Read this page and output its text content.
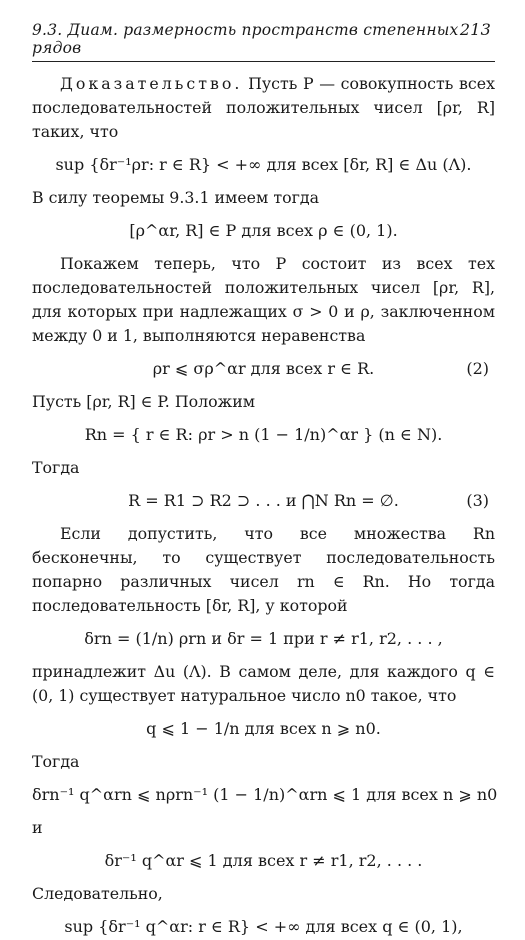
9.3. Диам. размерность пространств степенных рядов
213

Доказательство. Пусть P — совокупность всех последовательностей положительных чисел [ρr, R] таких, что

sup {δr⁻¹ρr: r ∈ R} < +∞ для всех [δr, R] ∈ Δu (Λ).

В силу теоремы 9.3.1 имеем тогда

[ρ^αr, R] ∈ P для всех ρ ∈ (0, 1).

Покажем теперь, что P состоит из всех тех последовательностей положительных чисел [ρr, R], для которых при надлежащих σ > 0 и ρ, заключенном между 0 и 1, выполняются неравенства

ρr ⩽ σρ^αr для всех r ∈ R.	(2)

Пусть [ρr, R] ∈ P. Положим

Rn = { r ∈ R: ρr > n (1 − 1/n)^αr } (n ∈ N).

Тогда

R = R1 ⊃ R2 ⊃ . . . и ⋂N Rn = ∅.	(3)

Если допустить, что все множества Rn бесконечны, то существует последовательность попарно различных чисел rn ∈ Rn. Но тогда последовательность [δr, R], у которой

δrn = (1/n) ρrn и δr = 1 при r ≠ r1, r2, . . . ,

принадлежит Δu (Λ). В самом деле, для каждого q ∈ (0, 1) существует натуральное число n0 такое, что

q ⩽ 1 − 1/n для всех n ⩾ n0.

Тогда

δrn⁻¹ q^αrn ⩽ nρrn⁻¹ (1 − 1/n)^αrn ⩽ 1 для всех n ⩾ n0

и

δr⁻¹ q^αr ⩽ 1 для всех r ≠ r1, r2, . . . .

Следовательно,

sup {δr⁻¹ q^αr: r ∈ R} < +∞ для всех q ∈ (0, 1),
